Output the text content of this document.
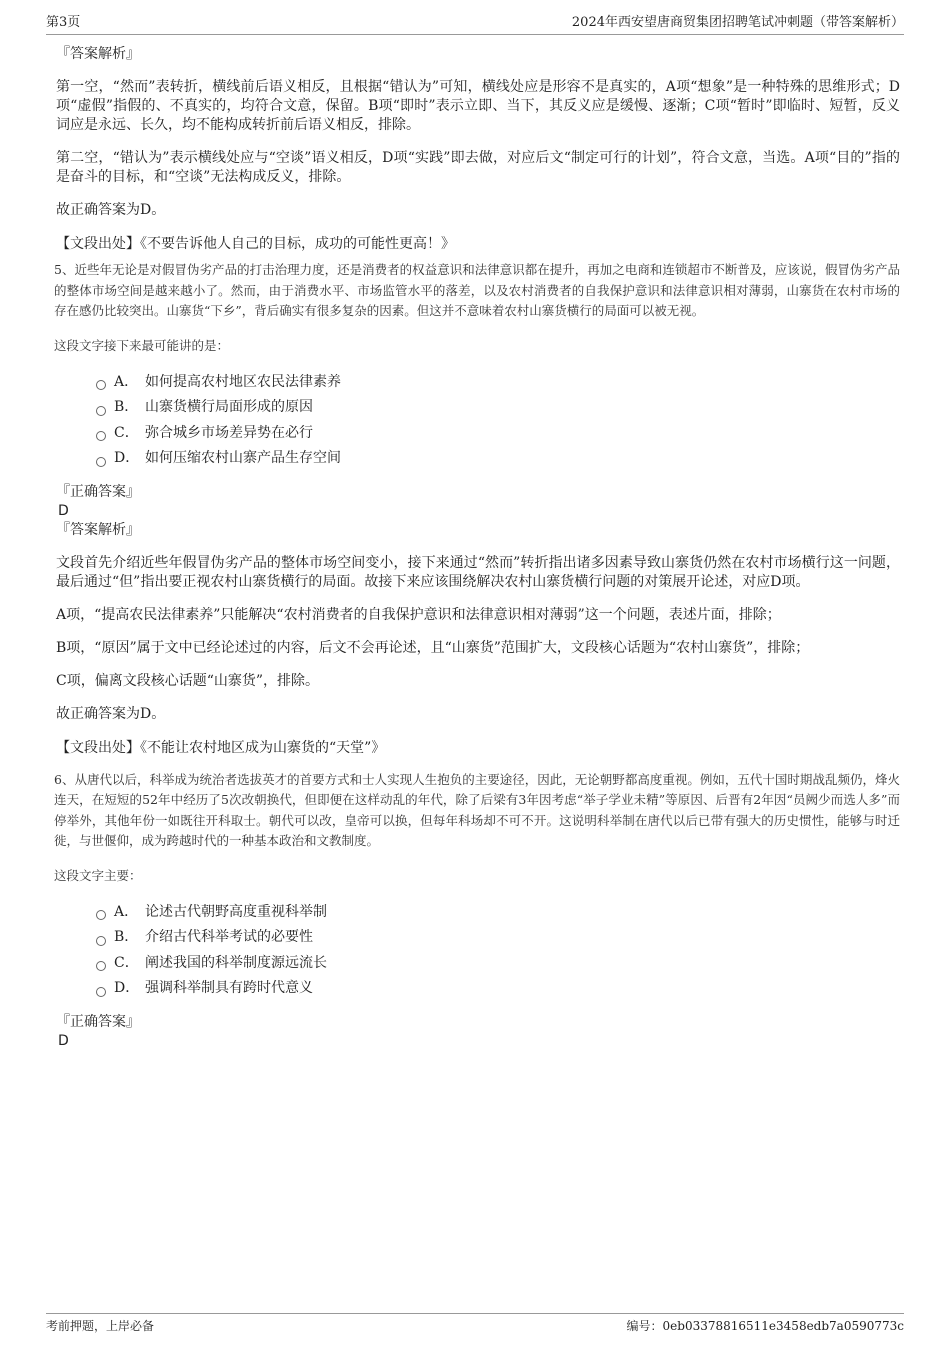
第3页	2024年西安望唐商贸集团招聘笔试冲刺题（带答案解析）
『答案解析』

第一空，“然而”表转折，横线前后语义相反，且根据“错认为”可知，横线处应是形容不是真实的，A项“想象”是一种特殊的思维形式；D项“虚假”指假的、不真实的，均符合文意，保留。B项“即时”表示立即、当下，其反义应是缓慢、逐渐；C项“暂时”即临时、短暂，反义词应是永远、长久，均不能构成转折前后语义相反，排除。

第二空，“错认为”表示横线处应与“空谈”语义相反，D项“实践”即去做，对应后文“制定可行的计划”，符合文意，当选。A项“目的”指的是奋斗的目标，和“空谈”无法构成反义，排除。

故正确答案为D。

【文段出处】《不要告诉他人自己的目标，成功的可能性更高！》

5、近些年无论是对假冒伪劣产品的打击治理力度，还是消费者的权益意识和法律意识都在提升，再加之电商和连锁超市不断普及，应该说，假冒伪劣产品的整体市场空间是越来越小了。然而，由于消费水平、市场监管水平的落差，以及农村消费者的自我保护意识和法律意识相对薄弱，山寨货在农村市场的存在感仍比较突出。山寨货“下乡”，背后确实有很多复杂的因素。但这并不意味着农村山寨货横行的局面可以被无视。

这段文字接下来最可能讲的是：
A． 如何提高农村地区农民法律素养
B． 山寨货横行局面形成的原因
C． 弥合城乡市场差异势在必行
D． 如何压缩农村山寨产品生存空间
『正确答案』
D
『答案解析』

文段首先介绍近些年假冒伪劣产品的整体市场空间变小，接下来通过“然而”转折指出诸多因素导致山寨货仍然在农村市场横行这一问题，最后通过“但”指出要正视农村山寨货横行的局面。故接下来应该围绕解决农村山寨货横行问题的对策展开论述，对应D项。

A项，“提高农民法律素养”只能解决“农村消费者的自我保护意识和法律意识相对薄弱”这一个问题，表述片面，排除；

B项，“原因”属于文中已经论述过的内容，后文不会再论述，且“山寨货”范围扩大，文段核心话题为“农村山寨货”，排除；

C项，偏离文段核心话题“山寨货”，排除。

故正确答案为D。

【文段出处】《不能让农村地区成为山寨货的“天堂”》

6、从唐代以后，科举成为统治者选拔英才的首要方式和士人实现人生抱负的主要途径，因此，无论朝野都高度重视。例如，五代十国时期战乱频仍，烽火连天，在短短的52年中经历了5次改朝换代，但即便在这样动乱的年代，除了后梁有3年因考虑“举子学业未精”等原因、后晋有2年因“员阙少而选人多”而停举外，其他年份一如既往开科取士。朝代可以改，皇帝可以换，但每年科场却不可不开。这说明科举制在唐代以后已带有强大的历史惯性，能够与时迁徙，与世偃仰，成为跨越时代的一种基本政治和文教制度。

这段文字主要：
A． 论述古代朝野高度重视科举制
B． 介绍古代科举考试的必要性
C． 阐述我国的科举制度源远流长
D． 强调科举制具有跨时代意义
『正确答案』
D
考前押题，上岸必备	编号：0eb03378816511e3458edb7a0590773c
